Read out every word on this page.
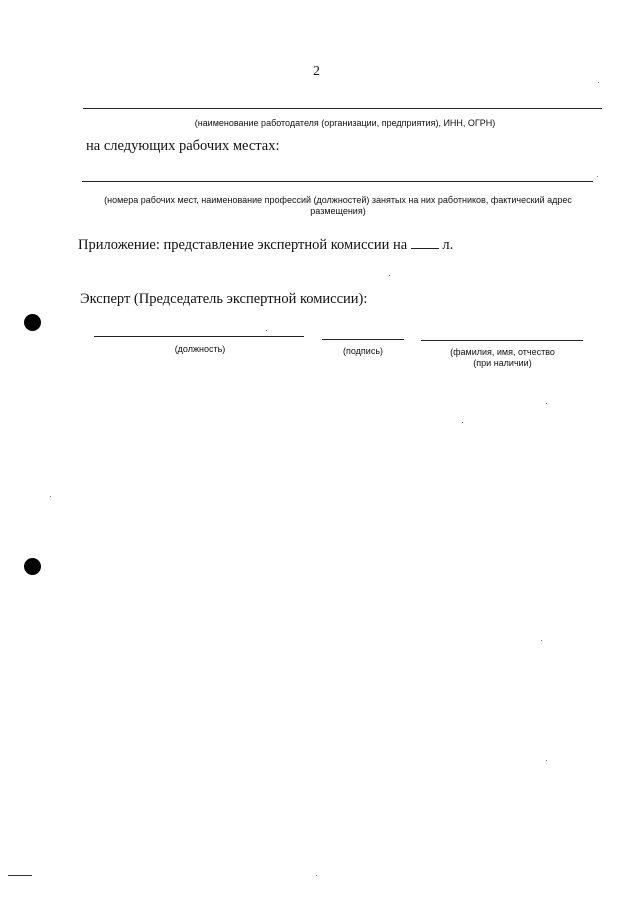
2
(наименование работодателя (организации, предприятия), ИНН, ОГРН)
на следующих рабочих местах:
(номера рабочих мест, наименование профессий (должностей) занятых на них работников, фактический адрес
размещения)
Приложение: представление экспертной комиссии на л.
Эксперт (Председатель экспертной комиссии):
(должность)	(подпись)	(фамилия, имя, отчество
(при наличии)
